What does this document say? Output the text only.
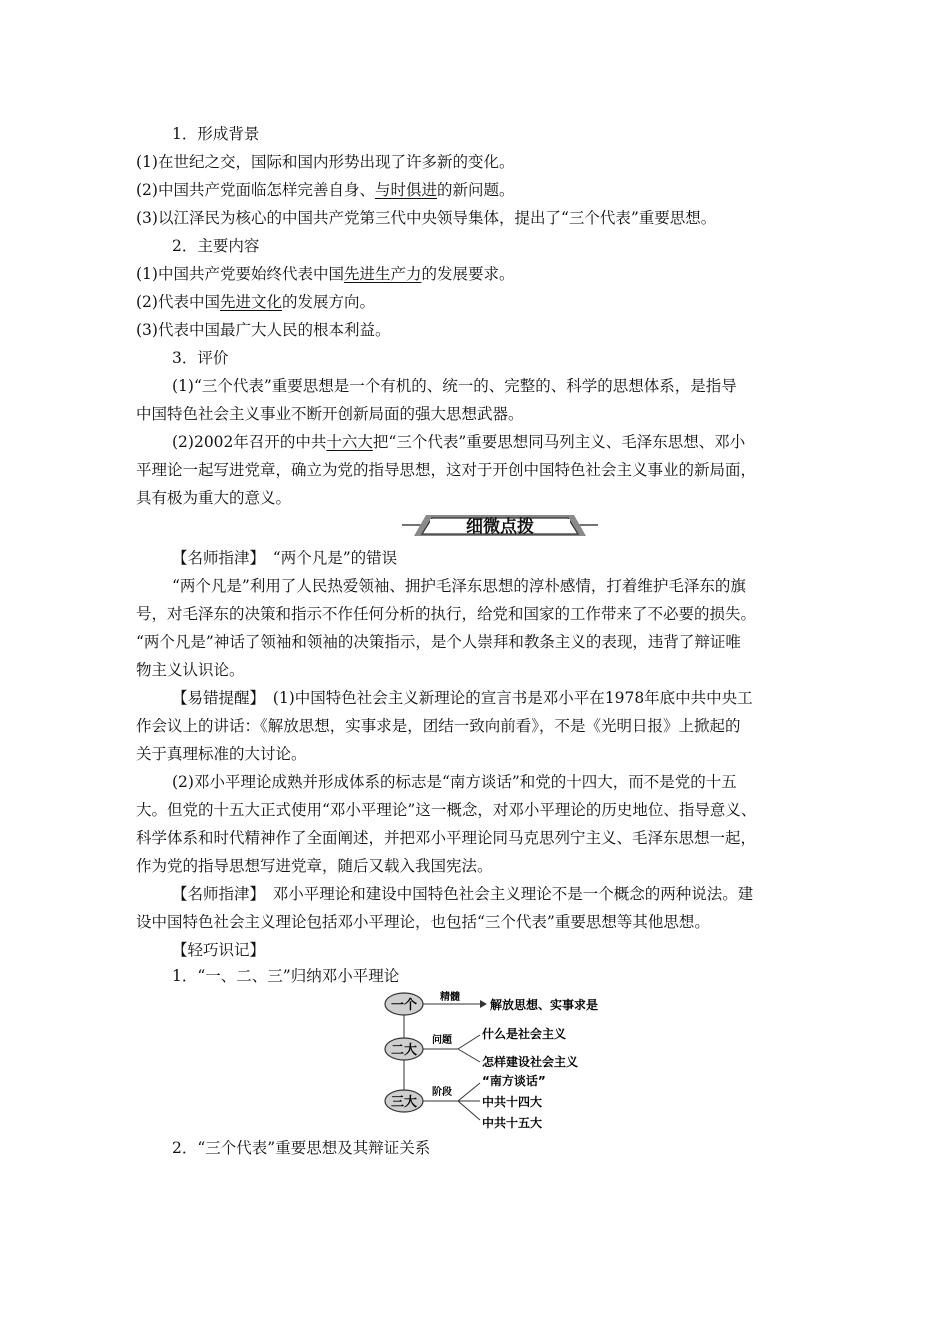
1．形成背景
(1)在世纪之交，国际和国内形势出现了许多新的变化。
(2)中国共产党面临怎样完善自身、与时俱进的新问题。
(3)以江泽民为核心的中国共产党第三代中央领导集体，提出了“三个代表”重要思想。
2．主要内容
(1)中国共产党要始终代表中国先进生产力的发展要求。
(2)代表中国先进文化的发展方向。
(3)代表中国最广大人民的根本利益。
3．评价
(1)“三个代表”重要思想是一个有机的、统一的、完整的、科学的思想体系，是指导
中国特色社会主义事业不断开创新局面的强大思想武器。
(2)2002年召开的中共十六大把“三个代表”重要思想同马列主义、毛泽东思想、邓小
平理论一起写进党章，确立为党的指导思想，这对于开创中国特色社会主义事业的新局面，
具有极为重大的意义。
细微点拨
【名师指津】　 “两个凡是”的错误
“两个凡是”利用了人民热爱领袖、拥护毛泽东思想的淳朴感情，打着维护毛泽东的旗
号，对毛泽东的决策和指示不作任何分析的执行，给党和国家的工作带来了不必要的损失。
“两个凡是”神话了领袖和领袖的决策指示，是个人崇拜和教条主义的表现，违背了辩证唯
物主义认识论。
【易错提醒】　 (1)中国特色社会主义新理论的宣言书是邓小平在1978年底中共中央工
作会议上的讲话：《解放思想，实事求是，团结一致向前看》，不是《光明日报》上掀起的
关于真理标准的大讨论。
(2)邓小平理论成熟并形成体系的标志是“南方谈话”和党的十四大，而不是党的十五
大。但党的十五大正式使用“邓小平理论”这一概念，对邓小平理论的历史地位、指导意义、
科学体系和时代精神作了全面阐述，并把邓小平理论同马克思列宁主义、毛泽东思想一起，
作为党的指导思想写进党章，随后又载入我国宪法。
【名师指津】　 邓小平理论和建设中国特色社会主义理论不是一个概念的两种说法。建
设中国特色社会主义理论包括邓小平理论，也包括“三个代表”重要思想等其他思想。
【轻巧识记】
1．“一、二、三”归纳邓小平理论
一个
精髓
解放思想、实事求是
二大
问题	什么是社会主义
怎样建设社会主义
三大
阶段
“南方谈话”
中共十四大
中共十五大
2．“三个代表”重要思想及其辩证关系
